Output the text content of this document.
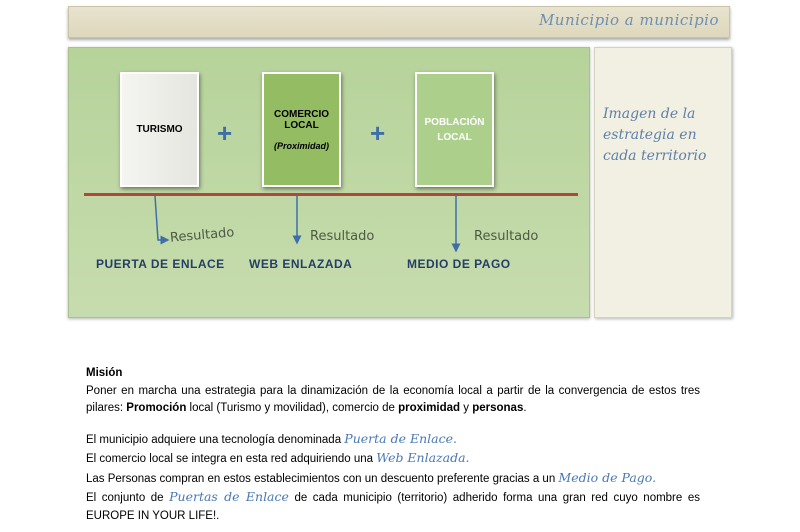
Municipio a municipio
Imagen de la estrategia en cada territorio
TURISMO +
COMERCIO LOCAL
(Proximidad) +	POBLACIÓN LOCAL
Resultado	Resultado	Resultado
PUERTA DE ENLACE WEB ENLAZADA	MEDIO DE PAGO

Misión

Poner en marcha una estrategia para la dinamización de la economía local a partir de la convergencia de estos tres pilares: Promoción local (Turismo y movilidad), comercio de proximidad y personas.

El municipio adquiere una tecnología denominada Puerta de Enlace.

El comercio local se integra en esta red adquiriendo una Web Enlazada.

Las Personas compran en estos establecimientos con un descuento preferente gracias a un Medio de Pago.

El conjunto de Puertas de Enlace de cada municipio (territorio) adherido forma una gran red cuyo nombre es EUROPE IN YOUR LIFE!.
